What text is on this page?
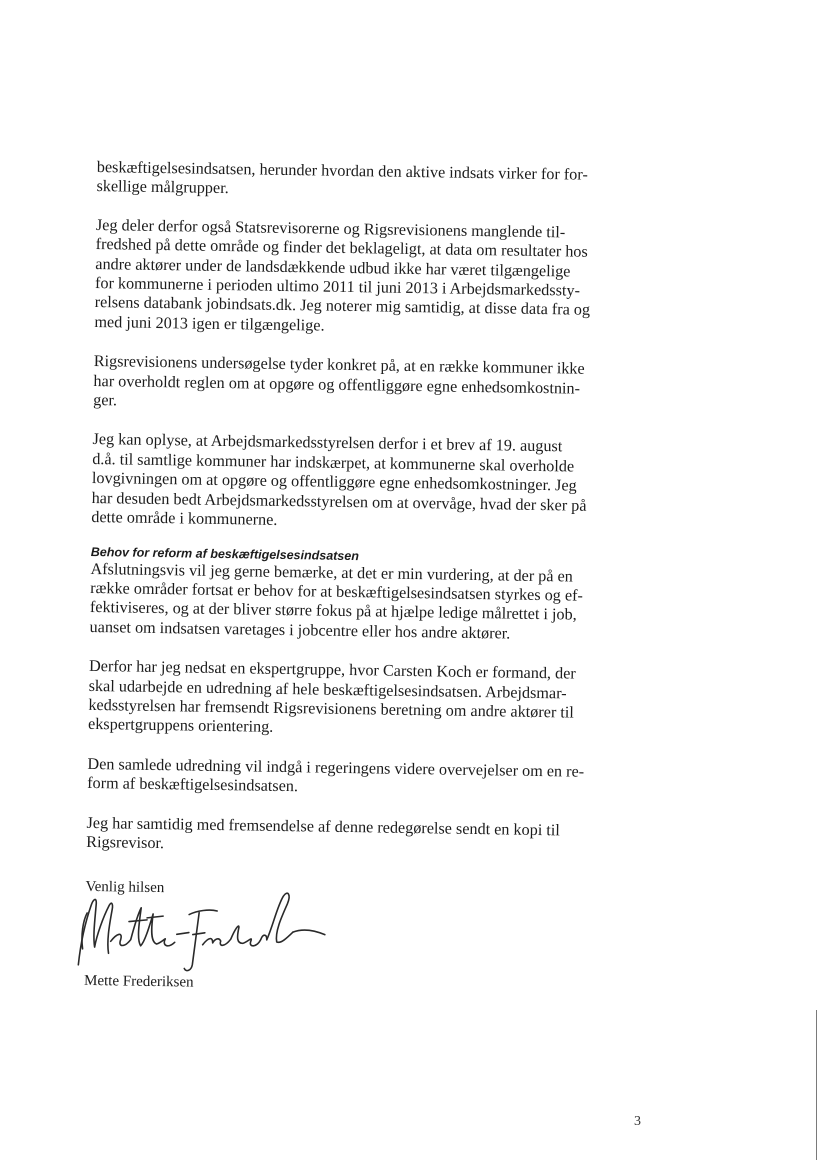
beskæftigelsesindsatsen, herunder hvordan den aktive indsats virker for for-
skellige målgrupper.

Jeg deler derfor også Statsrevisorerne og Rigsrevisionens manglende til-
fredshed på dette område og finder det beklageligt, at data om resultater hos
andre aktører under de landsdækkende udbud ikke har været tilgængelige
for kommunerne i perioden ultimo 2011 til juni 2013 i Arbejdsmarkedssty-
relsens databank jobindsats.dk. Jeg noterer mig samtidig, at disse data fra og
med juni 2013 igen er tilgængelige.

Rigsrevisionens undersøgelse tyder konkret på, at en række kommuner ikke
har overholdt reglen om at opgøre og offentliggøre egne enhedsomkostnin-
ger.

Jeg kan oplyse, at Arbejdsmarkedsstyrelsen derfor i et brev af 19. august
d.å. til samtlige kommuner har indskærpet, at kommunerne skal overholde
lovgivningen om at opgøre og offentliggøre egne enhedsomkostninger. Jeg
har desuden bedt Arbejdsmarkedsstyrelsen om at overvåge, hvad der sker på
dette område i kommunerne.

Behov for reform af beskæftigelsesindsatsen

Afslutningsvis vil jeg gerne bemærke, at det er min vurdering, at der på en
række områder fortsat er behov for at beskæftigelsesindsatsen styrkes og ef-
fektiviseres, og at der bliver større fokus på at hjælpe ledige målrettet i job,
uanset om indsatsen varetages i jobcentre eller hos andre aktører.

Derfor har jeg nedsat en ekspertgruppe, hvor Carsten Koch er formand, der
skal udarbejde en udredning af hele beskæftigelsesindsatsen. Arbejdsmar-
kedsstyrelsen har fremsendt Rigsrevisionens beretning om andre aktører til
ekspertgruppens orientering.

Den samlede udredning vil indgå i regeringens videre overvejelser om en re-
form af beskæftigelsesindsatsen.

Jeg har samtidig med fremsendelse af denne redegørelse sendt en kopi til
Rigsrevisor.

Venlig hilsen

Mette Frederiksen

3
